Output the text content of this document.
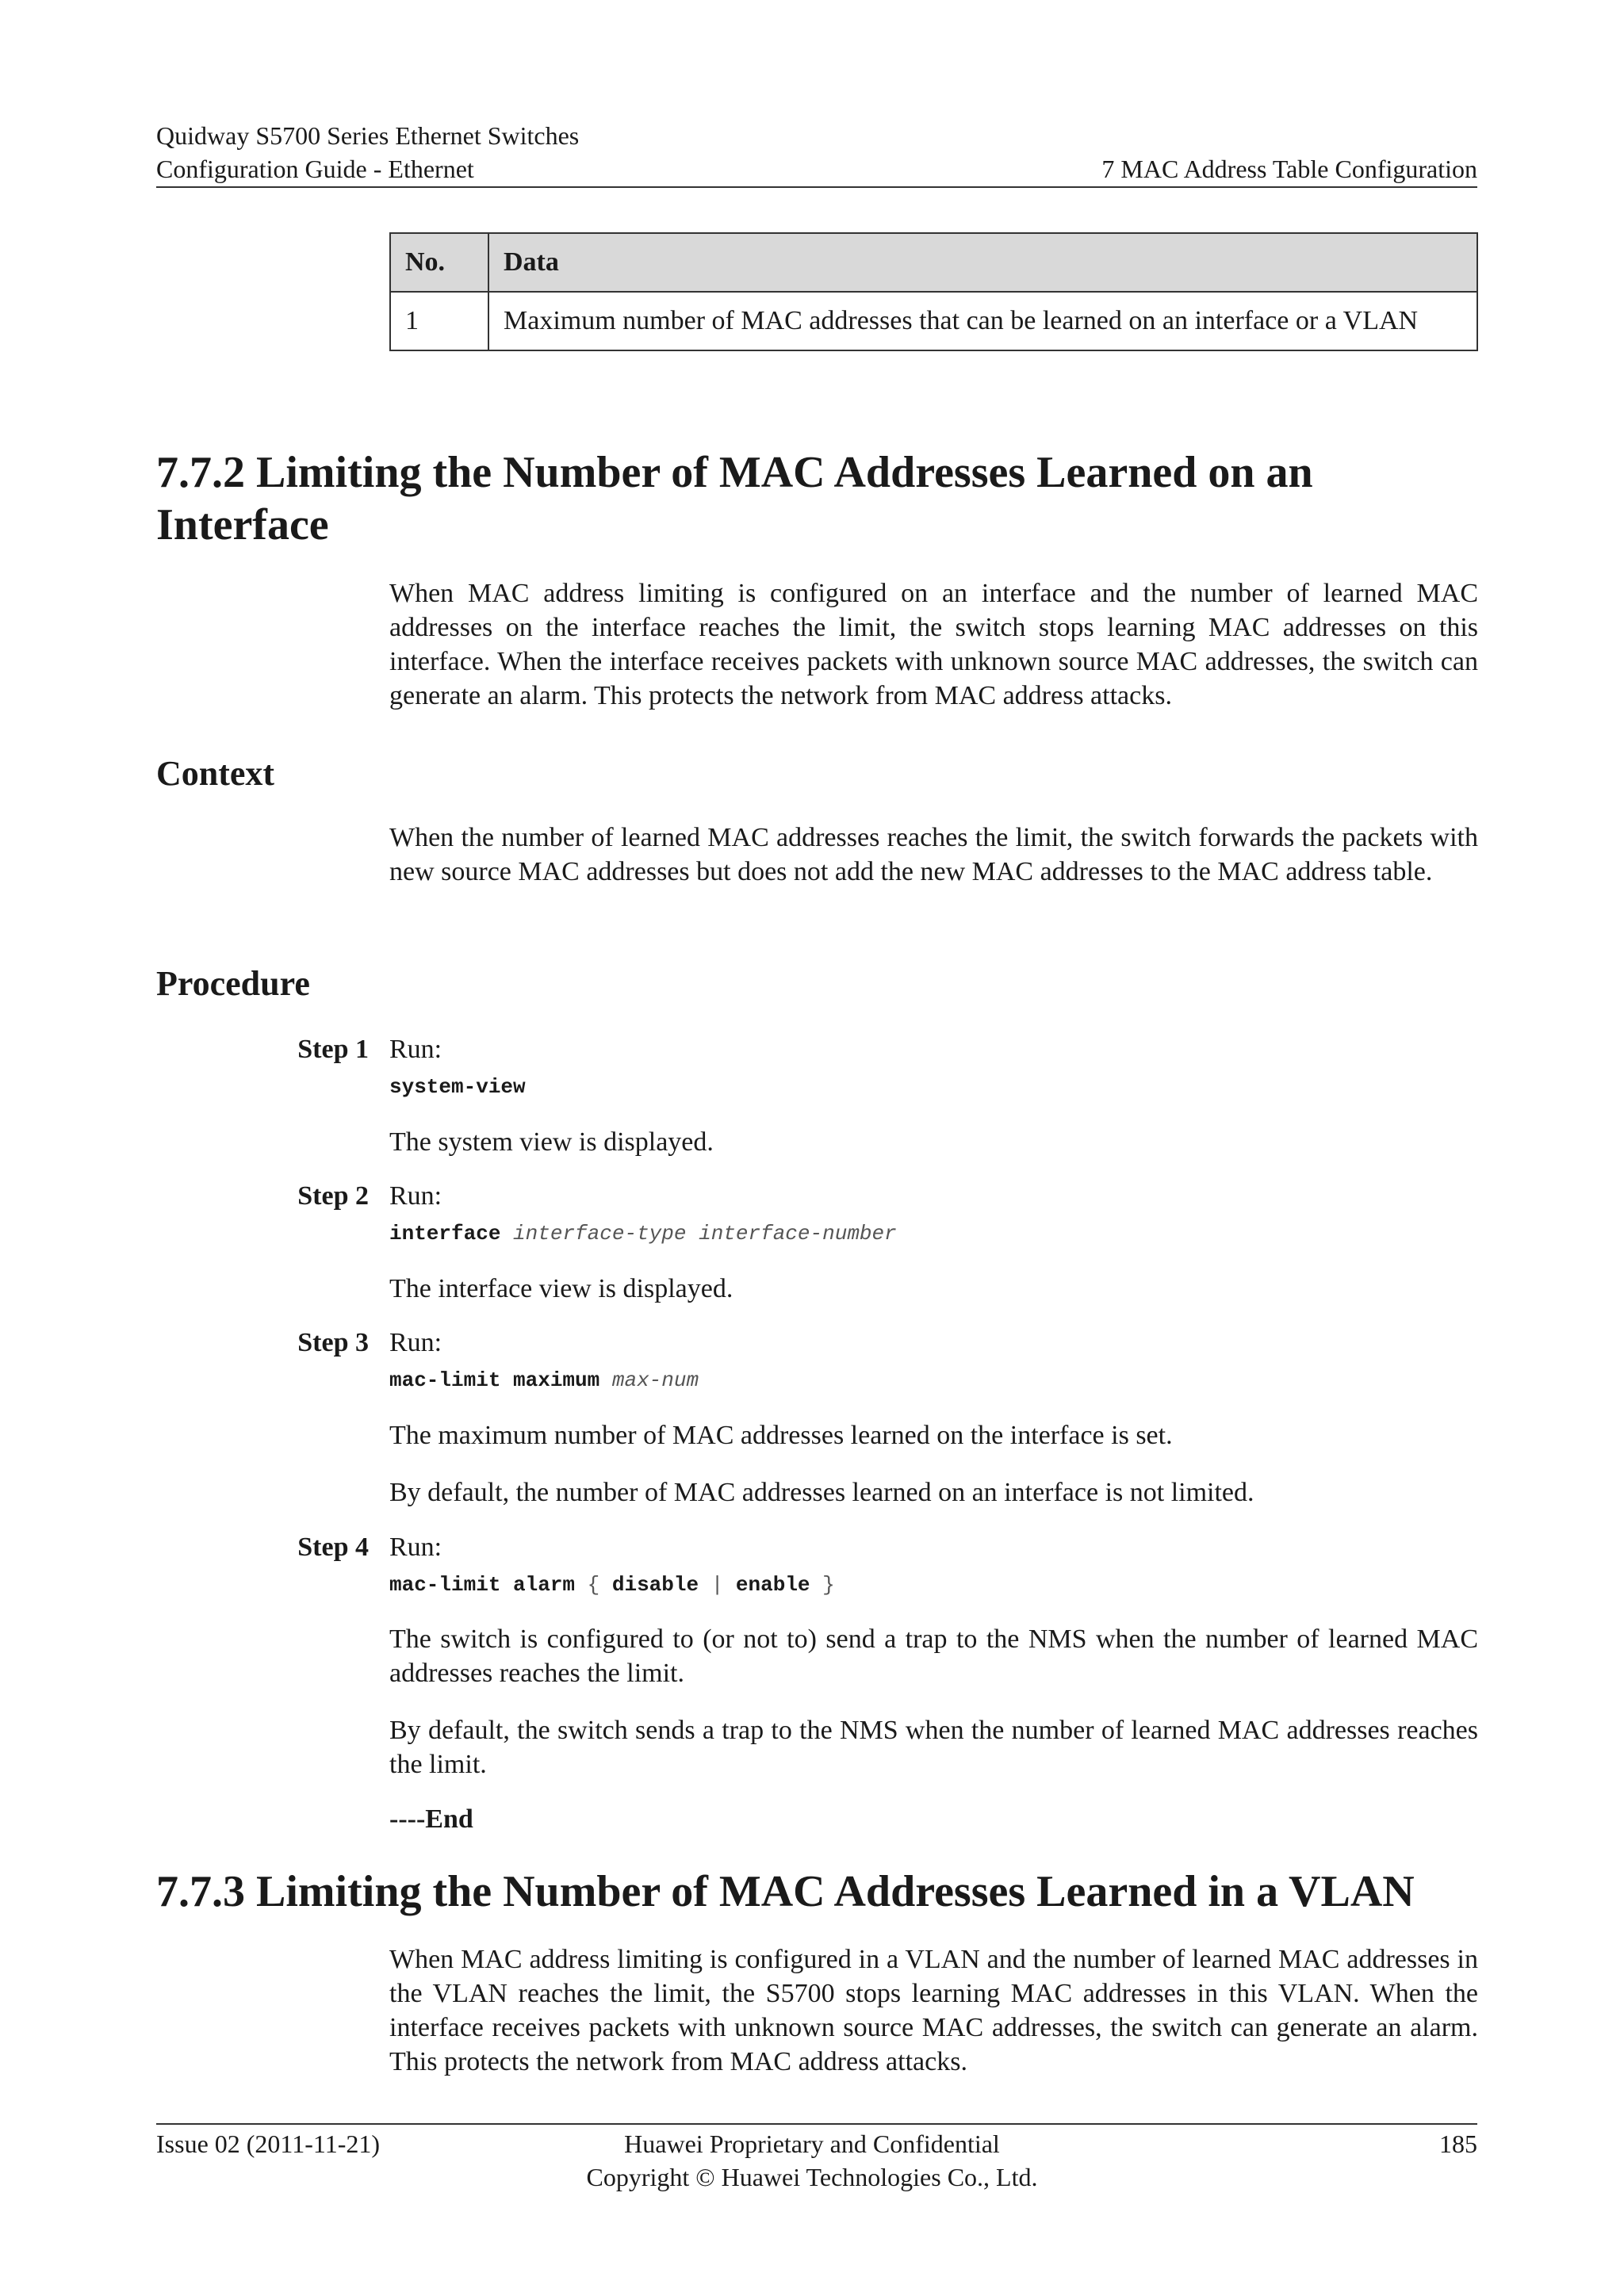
Quidway S5700 Series Ethernet Switches
Configuration Guide - Ethernet	7 MAC Address Table Configuration
No.	Data
1	Maximum number of MAC addresses that can be learned on an interface or a VLAN
7.7.2 Limiting the Number of MAC Addresses Learned on an
Interface
When MAC address limiting is configured on an interface and the number of learned MAC addresses on the interface reaches the limit, the switch stops learning MAC addresses on this interface. When the interface receives packets with unknown source MAC addresses, the switch can generate an alarm. This protects the network from MAC address attacks.
Context
When the number of learned MAC addresses reaches the limit, the switch forwards the packets with new source MAC addresses but does not add the new MAC addresses to the MAC address table.
Procedure
Step 1 Run:
system-view
The system view is displayed.
Step 2 Run:
interface interface-type interface-number
The interface view is displayed.
Step 3 Run:
mac-limit maximum max-num
The maximum number of MAC addresses learned on the interface is set.
By default, the number of MAC addresses learned on an interface is not limited.
Step 4 Run:
mac-limit alarm { disable | enable }
The switch is configured to (or not to) send a trap to the NMS when the number of learned MAC addresses reaches the limit.
By default, the switch sends a trap to the NMS when the number of learned MAC addresses reaches the limit.
----End
7.7.3 Limiting the Number of MAC Addresses Learned in a VLAN
When MAC address limiting is configured in a VLAN and the number of learned MAC addresses in the VLAN reaches the limit, the S5700 stops learning MAC addresses in this VLAN. When the interface receives packets with unknown source MAC addresses, the switch can generate an alarm. This protects the network from MAC address attacks.
Issue 02 (2011-11-21)	Huawei Proprietary and Confidential
Copyright © Huawei Technologies Co., Ltd.
185
